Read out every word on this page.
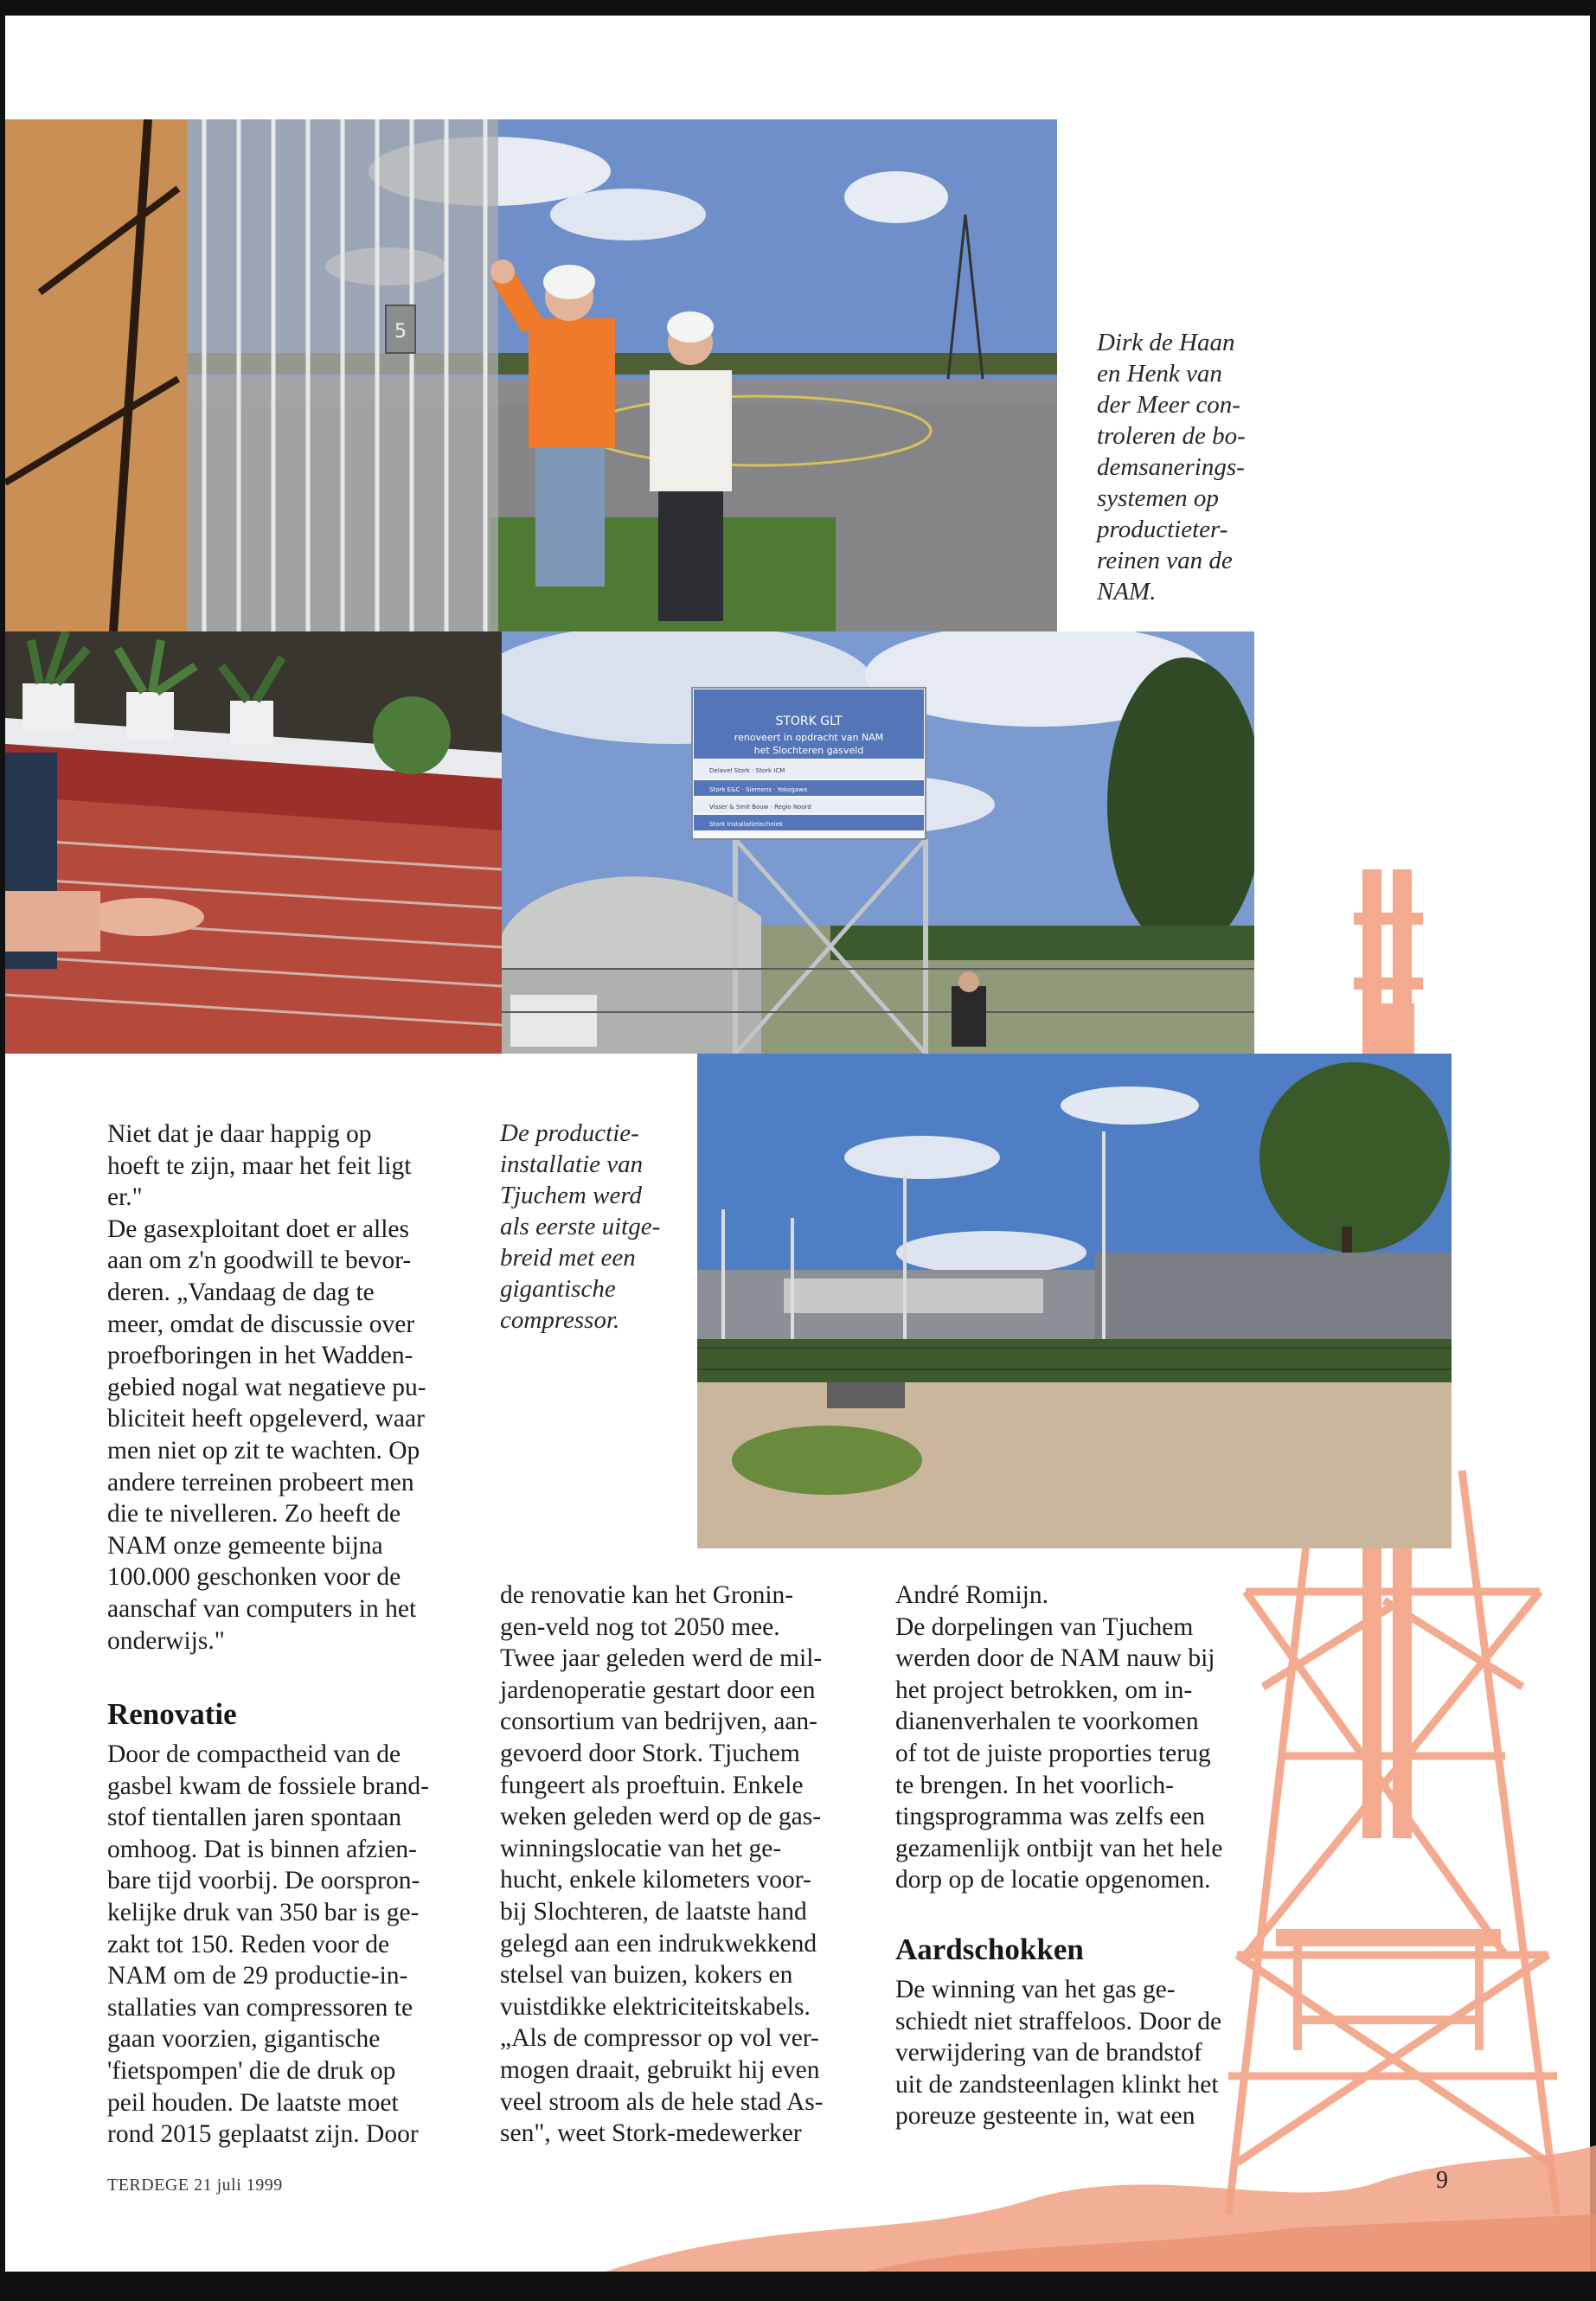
5
STORK GLT
renoveert in opdracht van NAM
het Slochteren gasveld
Delavel Stork · Stork ICM
Stork E&C · Siemens · Yokogawa
Visser & Smit Bouw · Regio Noord
Stork Installatietechniek
Dirk de Haan
en Henk van
der Meer con-
troleren de bo-
demsanerings-
systemen op
productieter-
reinen van de
NAM.
De productie-
installatie van
Tjuchem werd
als eerste uitge-
breid met een
gigantische
compressor.

Niet dat je daar happig op
hoeft te zijn, maar het feit ligt
er."
De gasexploitant doet er alles
aan om z'n goodwill te bevor-
deren. „Vandaag de dag te
meer, omdat de discussie over
proefboringen in het Wadden-
gebied nogal wat negatieve pu-
bliciteit heeft opgeleverd, waar
men niet op zit te wachten. Op
andere terreinen probeert men
die te nivelleren. Zo heeft de
NAM onze gemeente bijna
100.000 geschonken voor de
aanschaf van computers in het
onderwijs."

Renovatie

Door de compactheid van de
gasbel kwam de fossiele brand-
stof tientallen jaren spontaan
omhoog. Dat is binnen afzien-
bare tijd voorbij. De oorspron-
kelijke druk van 350 bar is ge-
zakt tot 150. Reden voor de
NAM om de 29 productie-in-
stallaties van compressoren te
gaan voorzien, gigantische
'fietspompen' die de druk op
peil houden. De laatste moet
rond 2015 geplaatst zijn. Door

de renovatie kan het Gronin-
gen-veld nog tot 2050 mee.
Twee jaar geleden werd de mil-
jardenoperatie gestart door een
consortium van bedrijven, aan-
gevoerd door Stork. Tjuchem
fungeert als proeftuin. Enkele
weken geleden werd op de gas-
winningslocatie van het ge-
hucht, enkele kilometers voor-
bij Slochteren, de laatste hand
gelegd aan een indrukwekkend
stelsel van buizen, kokers en
vuistdikke elektriciteitskabels.
„Als de compressor op vol ver-
mogen draait, gebruikt hij even
veel stroom als de hele stad As-
sen", weet Stork-medewerker

André Romijn.
De dorpelingen van Tjuchem
werden door de NAM nauw bij
het project betrokken, om in-
dianenverhalen te voorkomen
of tot de juiste proporties terug
te brengen. In het voorlich-
tingsprogramma was zelfs een
gezamenlijk ontbijt van het hele
dorp op de locatie opgenomen.

Aardschokken

De winning van het gas ge-
schiedt niet straffeloos. Door de
verwijdering van de brandstof
uit de zandsteenlagen klinkt het
poreuze gesteente in, wat een

TERDEGE 21 juli 1999	9
